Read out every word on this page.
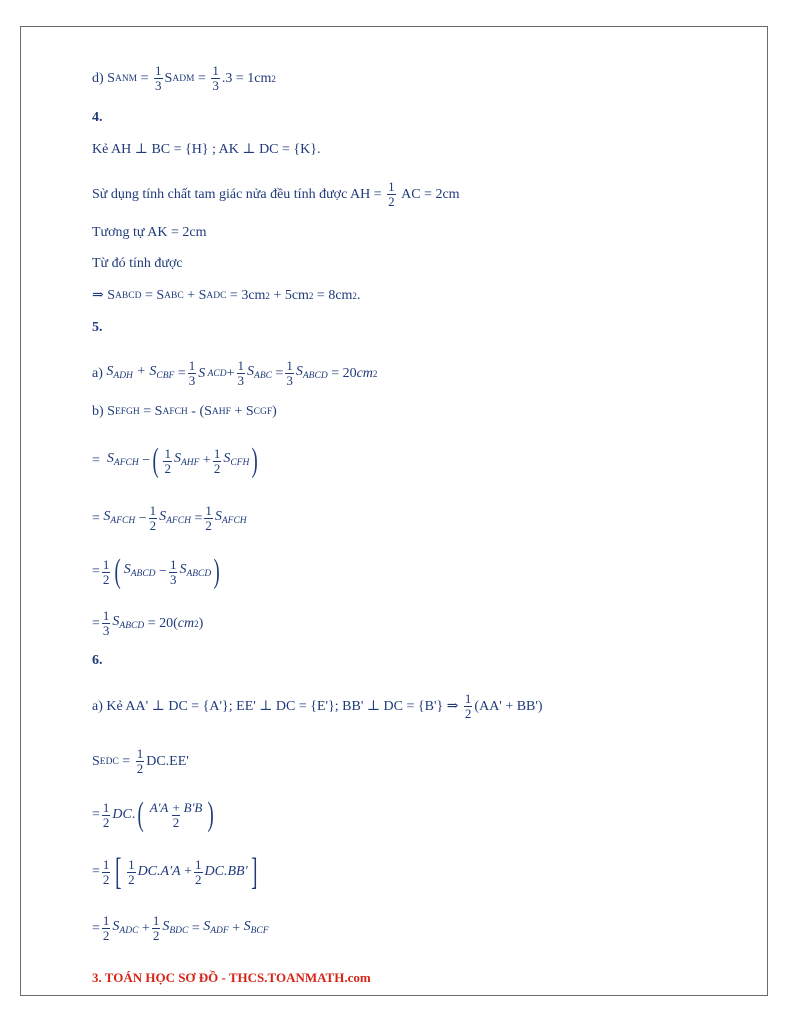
d) S ANM = $\frac{1}{3}$ S ADM = $\frac{1}{3} .3 = 1cm$ 2
4.
Kẻ AH ⊥ BC = {H} ; AK ⊥ DC = {K}.
Sử dụng tính chất tam giác nửa đều tính được AH =
$\frac{1}{2}$
AC = 2cm
Tương tự AK = 2cm
Từ đó tính được
⇒ S ABCD = S ABC + S ADC = 3cm 2 + 5cm 2 = 8cm 2 .
5.
a) $S_{ADH} + S_{CBF} = \frac{1}{3}$ S ACD + $\frac{1}{3} S_{ABC} = \frac{1}{3} S_{ABCD} = 20$ cm 2
b) S EFGH = S AFCH - (S AHF + S CGF )
= $S_{AFCH}$ − ( $\frac{1}{2} S_{AHF} + \frac{1}{2} S_{CFH}$ )
= $S_{AFCH} - \frac{1}{2} S_{AFCH} = \frac{1}{2} S_{AFCH}$
= $\frac{1}{2}$ ( $S_{ABCD} - \frac{1}{3} S_{ABCD}$ )
= $\frac{1}{3} S_{ABCD} = 20$( cm 2 )
6.
a) Kẻ AA' ⊥ DC = {A'}; EE' ⊥ DC = {E'}; BB' ⊥ DC = {B'} ⇒
$\frac{1}{2} (AA' + BB')$
S EDC = $\frac{1}{2} DC.EE'$
= $\frac{1}{2}$ DC . ( $\frac{A'A + B'B}{2}$ )
= $\frac{1}{2}$ [ $\frac{1}{2} DC.A'A + \frac{1}{2} DC.BB'$ ]
= $\frac{1}{2} S_{ADC} + \frac{1}{2} S_{BDC} = S_{ADF} + S_{BCF}$
3. TOÁN HỌC SƠ ĐỒ - THCS.TOANMATH.com
